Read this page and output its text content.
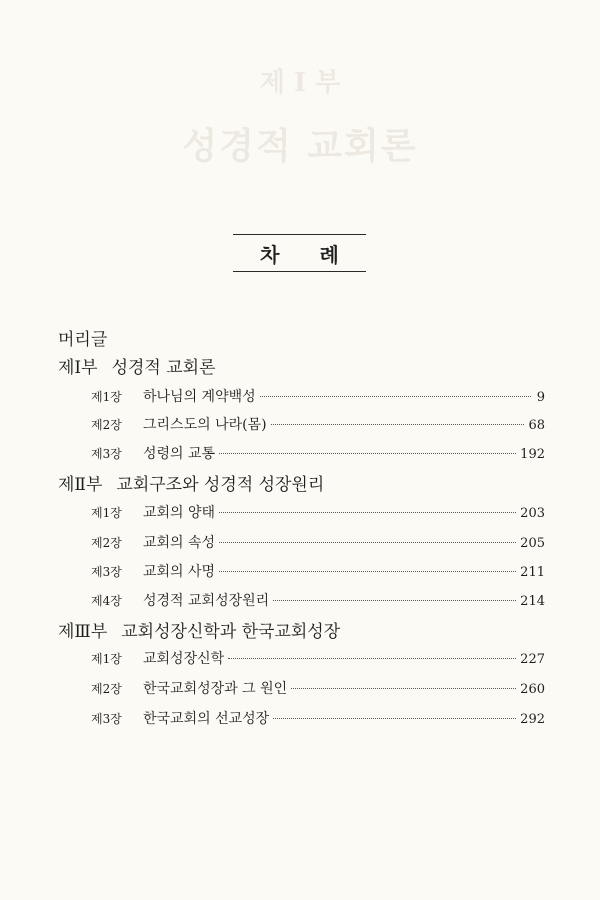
제 I 부
성경적 교회론
차 례
머리글
제Ⅰ부 성경적 교회론
제1장	하나님의 계약백성	9
제2장	그리스도의 나라(몸)	68
제3장	성령의 교통	192
제Ⅱ부 교회구조와 성경적 성장원리
제1장	교회의 양태	203
제2장	교회의 속성	205
제3장	교회의 사명	211
제4장	성경적 교회성장원리	214
제Ⅲ부 교회성장신학과 한국교회성장
제1장	교회성장신학	227
제2장	한국교회성장과 그 원인	260
제3장	한국교회의 선교성장	292
